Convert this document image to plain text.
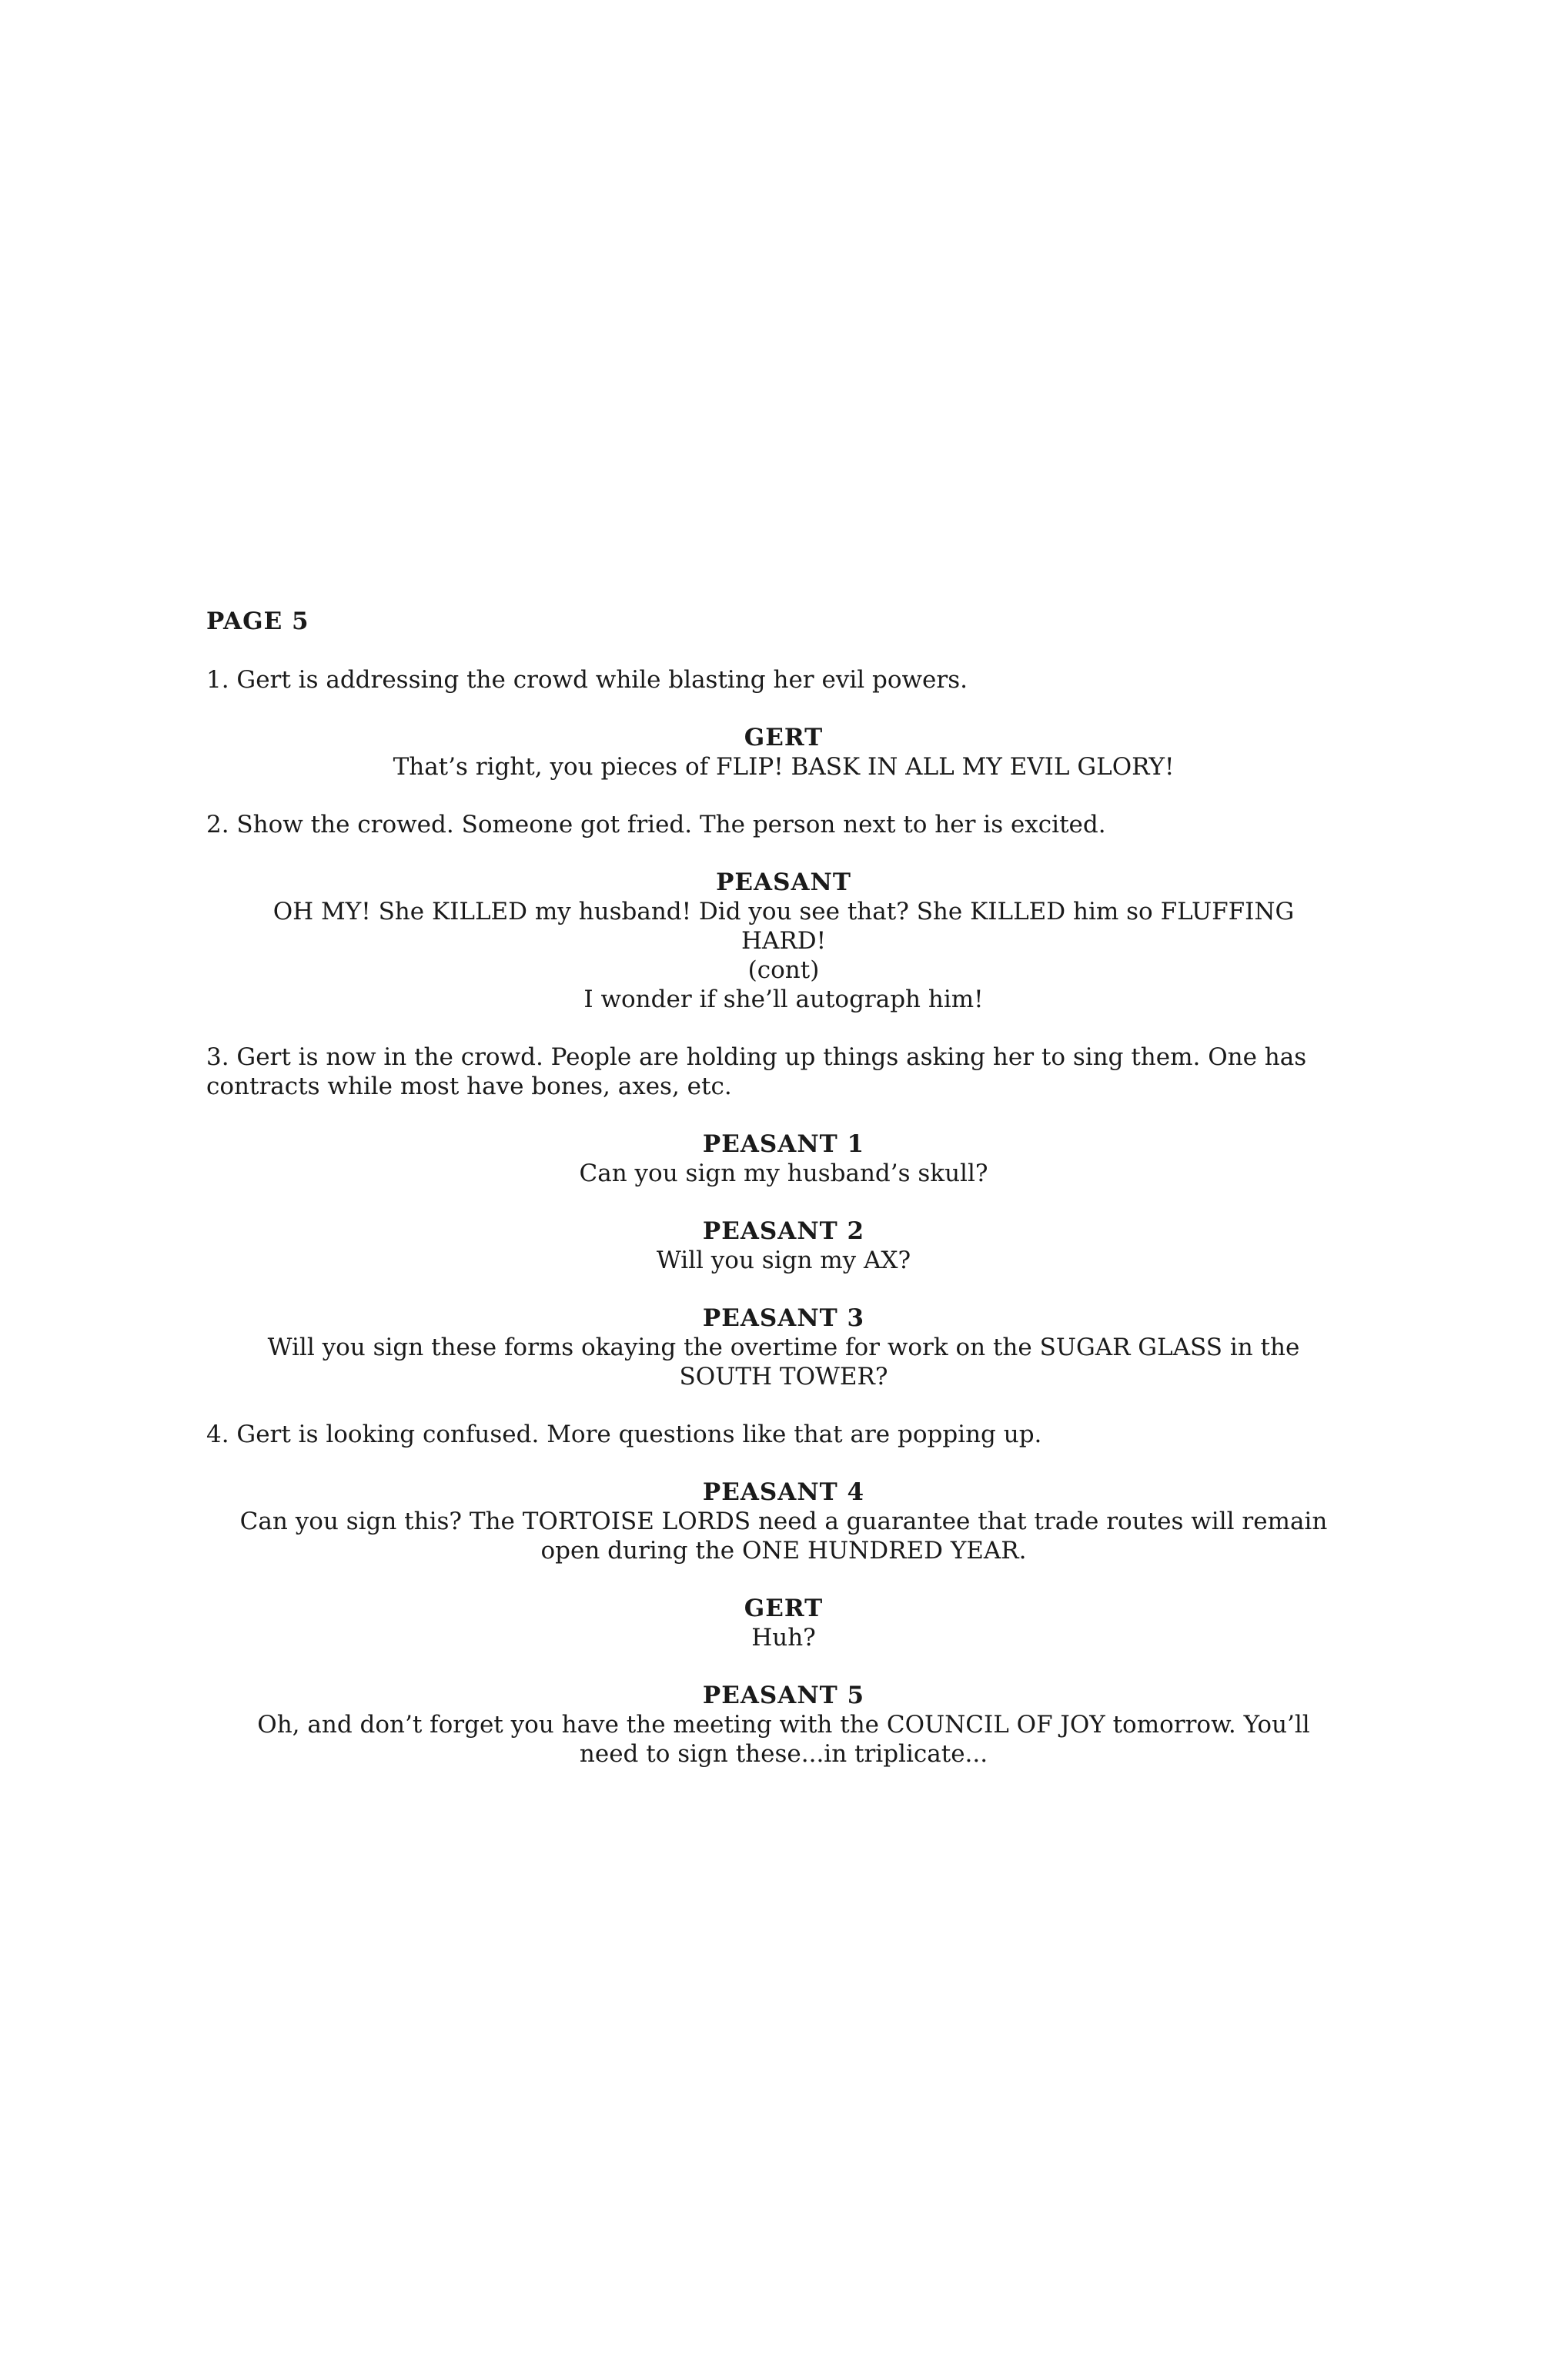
PAGE 5
1. Gert is addressing the crowd while blasting her evil powers.
GERT
That’s right, you pieces of FLIP! BASK IN ALL MY EVIL GLORY!
2. Show the crowed. Someone got fried. The person next to her is excited.
PEASANT
OH MY! She KILLED my husband! Did you see that? She KILLED him so FLUFFING HARD!
(cont)
I wonder if she’ll autograph him!
3. Gert is now in the crowd. People are holding up things asking her to sing them. One has contracts while most have bones, axes, etc.
PEASANT 1
Can you sign my husband’s skull?
PEASANT 2
Will you sign my AX?
PEASANT 3
Will you sign these forms okaying the overtime for work on the SUGAR GLASS in the SOUTH TOWER?
4. Gert is looking confused. More questions like that are popping up.
PEASANT 4
Can you sign this? The TORTOISE LORDS need a guarantee that trade routes will remain open during the ONE HUNDRED YEAR.
GERT
Huh?
PEASANT 5
Oh, and don’t forget you have the meeting with the COUNCIL OF JOY tomorrow. You’ll need to sign these...in triplicate...
